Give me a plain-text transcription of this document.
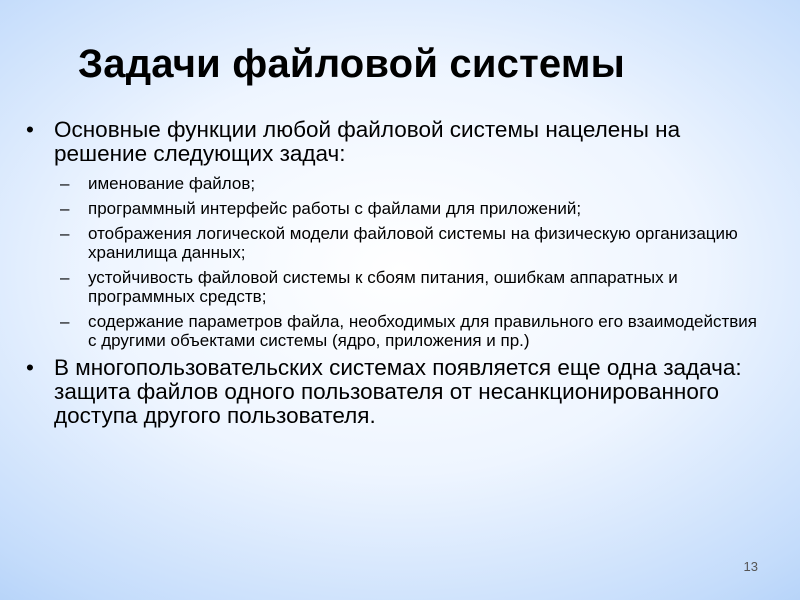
Задачи файловой системы
• Основные функции любой файловой системы нацелены на решение следующих задач:
– именование файлов;
– программный интерфейс работы с файлами для приложений;
– отображения логической модели файловой системы на физическую организацию хранилища данных;
– устойчивость файловой системы к сбоям питания, ошибкам аппаратных и программных средств;
– содержание параметров файла, необходимых для правильного его взаимодействия с другими объектами системы (ядро, приложения и пр.)
• В многопользовательских системах появляется еще одна задача: защита файлов одного пользователя от несанкционированного доступа другого пользователя.
13
